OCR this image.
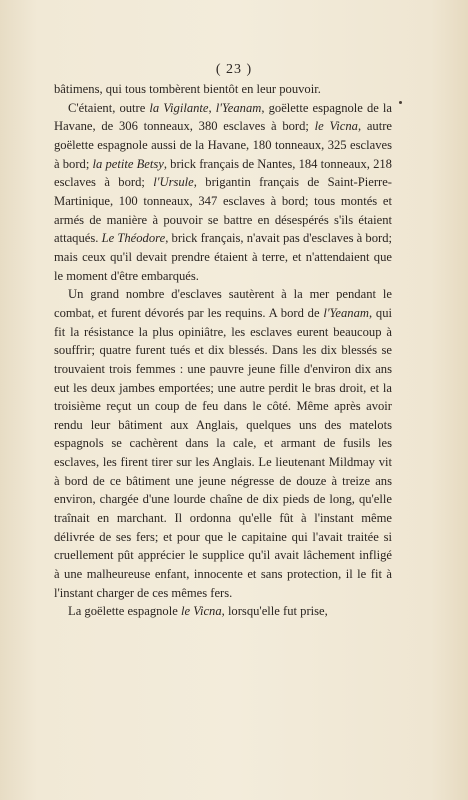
( 23 )

bâtimens, qui tous tombèrent bientôt en leur pouvoir.

C'étaient, outre la Vigilante, l'Yeanam, goëlette espagnole de la Havane, de 306 tonneaux, 380 esclaves à bord; le Vicna, autre goëlette espagnole aussi de la Havane, 180 tonneaux, 325 esclaves à bord; la petite Betsy, brick français de Nantes, 184 tonneaux, 218 esclaves à bord; l'Ursule, brigantin français de Saint-Pierre-Martinique, 100 tonneaux, 347 esclaves à bord; tous montés et armés de manière à pouvoir se battre en désespérés s'ils étaient attaqués. Le Théodore, brick français, n'avait pas d'esclaves à bord; mais ceux qu'il devait prendre étaient à terre, et n'attendaient que le moment d'être embarqués.

Un grand nombre d'esclaves sautèrent à la mer pendant le combat, et furent dévorés par les requins. A bord de l'Yeanam, qui fit la résistance la plus opiniâtre, les esclaves eurent beaucoup à souffrir; quatre furent tués et dix blessés. Dans les dix blessés se trouvaient trois femmes : une pauvre jeune fille d'environ dix ans eut les deux jambes emportées; une autre perdit le bras droit, et la troisième reçut un coup de feu dans le côté. Même après avoir rendu leur bâtiment aux Anglais, quelques uns des matelots espagnols se cachèrent dans la cale, et armant de fusils les esclaves, les firent tirer sur les Anglais. Le lieutenant Mildmay vit à bord de ce bâtiment une jeune négresse de douze à treize ans environ, chargée d'une lourde chaîne de dix pieds de long, qu'elle traînait en marchant. Il ordonna qu'elle fût à l'instant même délivrée de ses fers; et pour que le capitaine qui l'avait traitée si cruellement pût apprécier le supplice qu'il avait lâchement infligé à une malheureuse enfant, innocente et sans protection, il le fit à l'instant charger de ces mêmes fers.

La goëlette espagnole le Vicna, lorsqu'elle fut prise,
